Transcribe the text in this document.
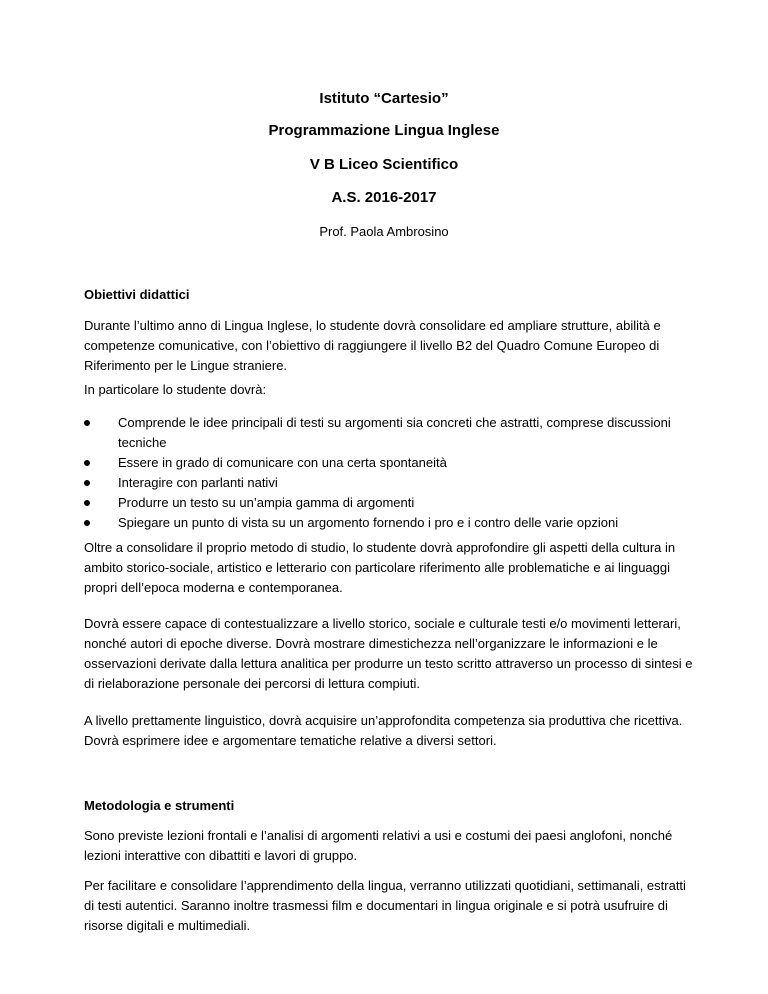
Istituto “Cartesio”

Programmazione Lingua Inglese

V B Liceo Scientifico

A.S. 2016-2017

Prof. Paola Ambrosino

Obiettivi didattici

Durante l’ultimo anno di Lingua Inglese, lo studente dovrà consolidare ed ampliare strutture, abilità e competenze comunicative, con l’obiettivo di raggiungere il livello B2 del Quadro Comune Europeo di Riferimento per le Lingue straniere.

In particolare lo studente dovrà:

Comprende le idee principali di testi su argomenti sia concreti che astratti, comprese discussioni tecniche
Essere in grado di comunicare con una certa spontaneità
Interagire con parlanti nativi
Produrre un testo su un’ampia gamma di argomenti
Spiegare un punto di vista su un argomento fornendo i pro e i contro delle varie opzioni

Oltre a consolidare il proprio metodo di studio, lo studente dovrà approfondire gli aspetti della cultura in ambito storico-sociale, artistico e letterario con particolare riferimento alle problematiche e ai linguaggi propri dell’epoca moderna e contemporanea.

Dovrà essere capace di contestualizzare a livello storico, sociale e culturale testi e/o movimenti letterari, nonché autori di epoche diverse. Dovrà mostrare dimestichezza nell’organizzare le informazioni e le osservazioni derivate dalla lettura analitica per produrre un testo scritto attraverso un processo di sintesi e di rielaborazione personale dei percorsi di lettura compiuti.

A livello prettamente linguistico, dovrà acquisire un’approfondita competenza sia produttiva che ricettiva. Dovrà esprimere idee e argomentare tematiche relative a diversi settori.

Metodologia e strumenti

Sono previste lezioni frontali e l’analisi di argomenti relativi a usi e costumi dei paesi anglofoni, nonché lezioni interattive con dibattiti e lavori di gruppo.

Per facilitare e consolidare l’apprendimento della lingua, verranno utilizzati quotidiani, settimanali, estratti di testi autentici. Saranno inoltre trasmessi film e documentari in lingua originale e si potrà usufruire di risorse digitali e multimediali.
